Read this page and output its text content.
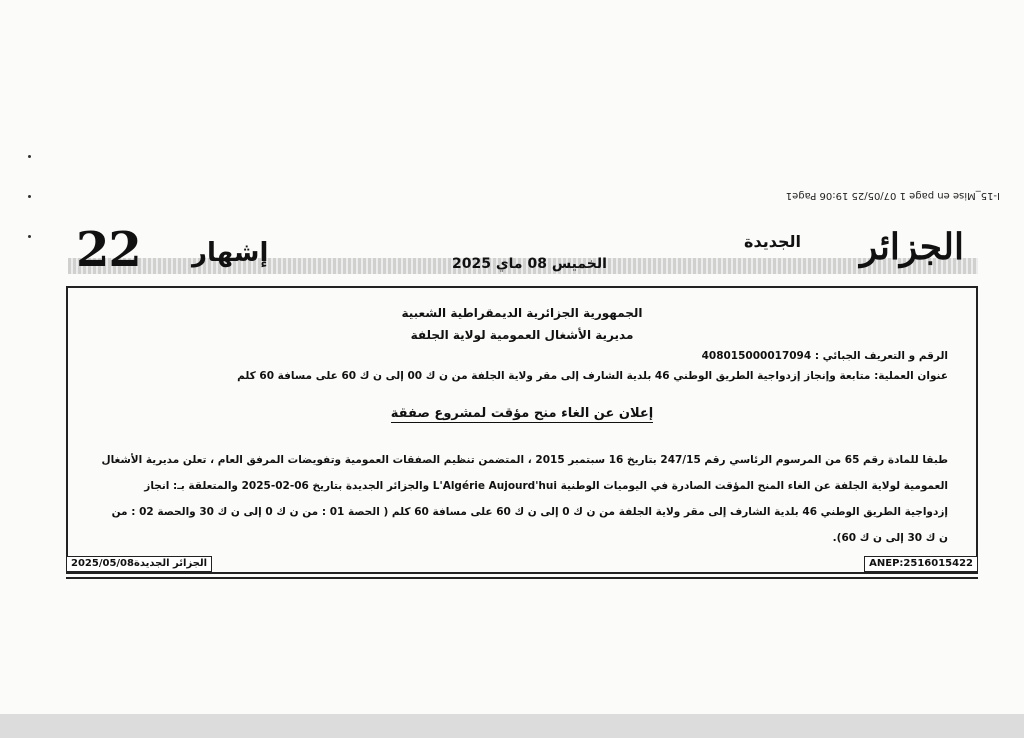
I-15_Mise en page 1 07/05/25 19:06 Page1
22 إشهار	الخميس 08 ماي 2025
الجديدة الجزائر
الجمهورية الجزائرية الديمقراطية الشعبية
مديرية الأشغال العمومية لولاية الجلفة
الرقم و التعريف الجبائي : 408015000017094
عنوان العملية: متابعة وإنجاز إزدواجية الطريق الوطني 46 بلدية الشارف إلى مقر ولاية الجلفة من ن ك 00 إلى ن ك 60 على مسافة 60 كلم
إعلان عن الغاء منح مؤقت لمشروع صفقة
طبقا للمادة رقم 65 من المرسوم الرئاسي رقم 247/15 بتاريخ 16 سبتمبر 2015 ، المتضمن تنظيم الصفقات العمومية وتفويضات المرفق العام ، تعلن مديرية الأشغال
العمومية لولاية الجلفة عن الغاء المنح المؤقت الصادرة في اليوميات الوطنية L'Algérie Aujourd'hui والجزائر الجديدة بتاريخ 06-02-2025 والمتعلقة بـ: انجاز
إزدواجية الطريق الوطني 46 بلدية الشارف إلى مقر ولاية الجلفة من ن ك 0 إلى ن ك 60 على مسافة 60 كلم ( الحصة 01 : من ن ك 0 إلى ن ك 30 والحصة 02 : من
ن ك 30 إلى ن ك 60).
الجزائر الجديدة2025/05/08	ANEP:2516015422
